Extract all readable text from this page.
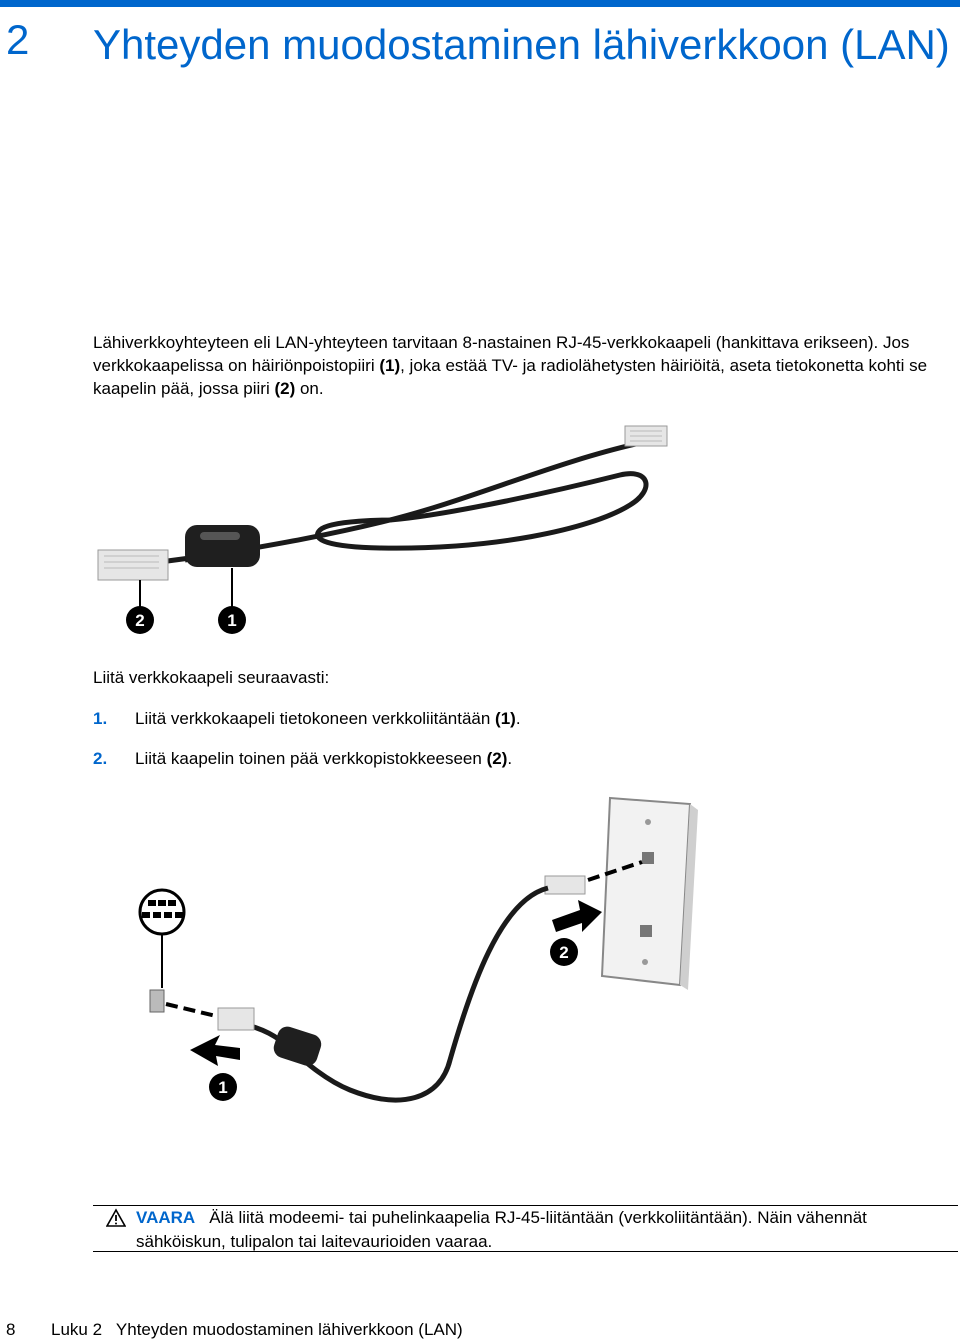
2 Yhteyden muodostaminen lähiverkkoon (LAN)

Lähiverkkoyhteyteen eli LAN-yhteyteen tarvitaan 8-nastainen RJ-45-verkkokaapeli (hankittava erikseen). Jos verkkokaapelissa on häiriönpoistopiiri (1), joka estää TV- ja radiolähetysten häiriöitä, aseta tietokonetta kohti se kaapelin pää, jossa piiri (2) on.

2	1
Liitä verkkokaapeli seuraavasti:
1. Liitä verkkokaapeli tietokoneen verkkoliitäntään (1).
2. Liitä kaapelin toinen pää verkkopistokkeeseen (2).
1
2
VAARA Älä liitä modeemi- tai puhelinkaapelia RJ-45-liitäntään (verkkoliitäntään). Näin vähennät sähköiskun, tulipalon tai laitevaurioiden vaaraa.
8 Luku 2   Yhteyden muodostaminen lähiverkkoon (LAN)
